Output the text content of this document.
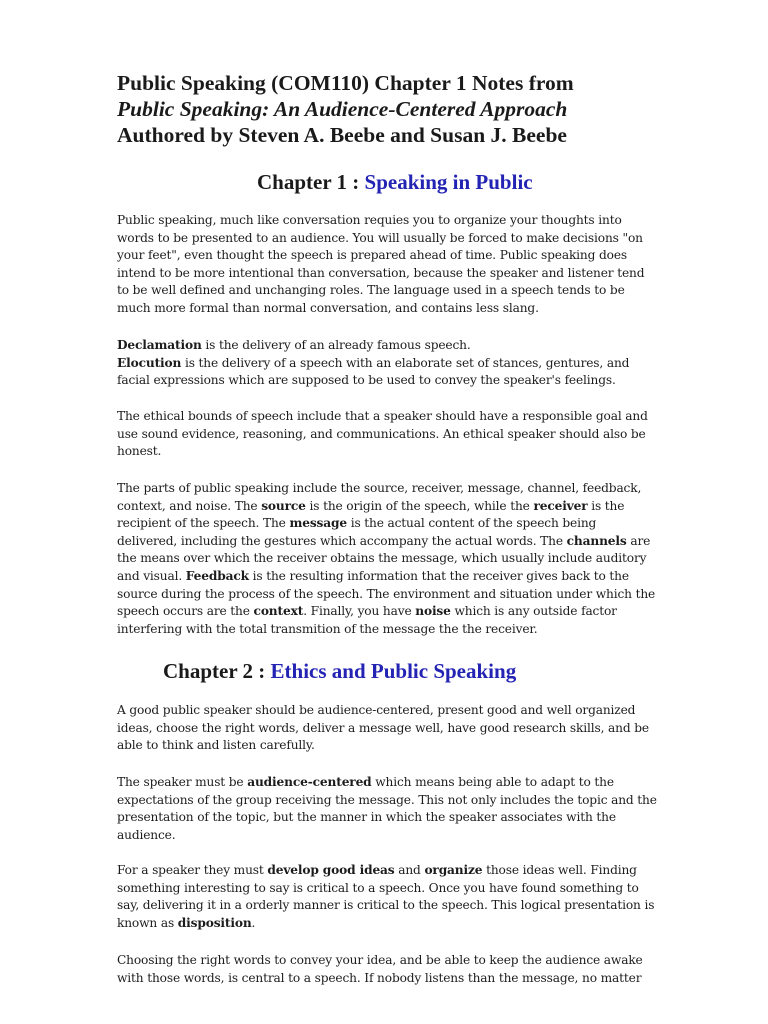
Public Speaking (COM110) Chapter 1 Notes from
Public Speaking: An Audience-Centered Approach
Authored by Steven A. Beebe and Susan J. Beebe
Chapter 1 : Speaking in Public

Public speaking, much like conversation requies you to organize your thoughts into words to be presented to an audience. You will usually be forced to make decisions "on your feet", even thought the speech is prepared ahead of time. Public speaking does intend to be more intentional than conversation, because the speaker and listener tend to be well defined and unchanging roles. The language used in a speech tends to be much more formal than normal conversation, and contains less slang.

Declamation is the delivery of an already famous speech.

Elocution is the delivery of a speech with an elaborate set of stances, gentures, and facial expressions which are supposed to be used to convey the speaker's feelings.

The ethical bounds of speech include that a speaker should have a responsible goal and use sound evidence, reasoning, and communications. An ethical speaker should also be honest.

The parts of public speaking include the source, receiver, message, channel, feedback, context, and noise. The source is the origin of the speech, while the receiver is the recipient of the speech. The message is the actual content of the speech being delivered, including the gestures which accompany the actual words. The channels are the means over which the receiver obtains the message, which usually include auditory and visual. Feedback is the resulting information that the receiver gives back to the source during the process of the speech. The environment and situation under which the speech occurs are the context. Finally, you have noise which is any outside factor interfering with the total transmition of the message the the receiver.

Chapter 2 : Ethics and Public Speaking

A good public speaker should be audience-centered, present good and well organized ideas, choose the right words, deliver a message well, have good research skills, and be able to think and listen carefully.

The speaker must be audience-centered which means being able to adapt to the expectations of the group receiving the message. This not only includes the topic and the presentation of the topic, but the manner in which the speaker associates with the audience.

For a speaker they must develop good ideas and organize those ideas well. Finding something interesting to say is critical to a speech. Once you have found something to say, delivering it in a orderly manner is critical to the speech. This logical presentation is known as disposition.

Choosing the right words to convey your idea, and be able to keep the audience awake with those words, is central to a speech. If nobody listens than the message, no matter
